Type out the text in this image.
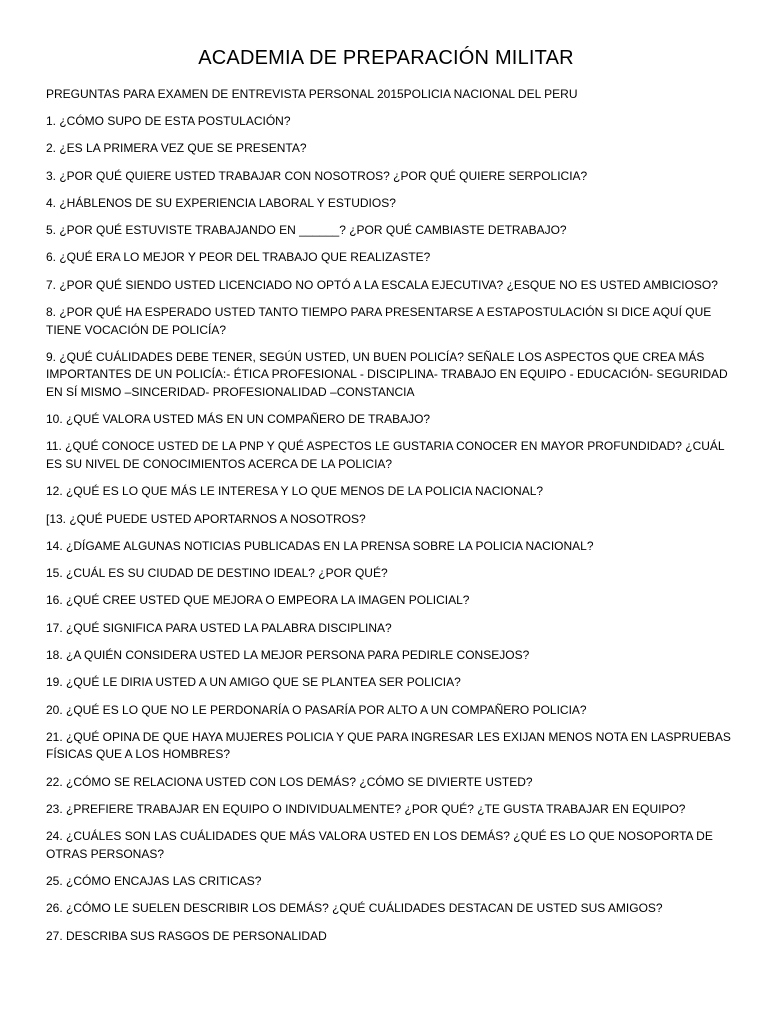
ACADEMIA DE PREPARACIÓN MILITAR
PREGUNTAS PARA EXAMEN DE ENTREVISTA PERSONAL 2015POLICIA NACIONAL DEL PERU
1. ¿CÓMO SUPO DE ESTA POSTULACIÓN?
2. ¿ES LA PRIMERA VEZ QUE SE PRESENTA?
3. ¿POR QUÉ QUIERE USTED TRABAJAR CON NOSOTROS? ¿POR QUÉ QUIERE SERPOLICIA?
4. ¿HÁBLENOS DE SU EXPERIENCIA LABORAL Y ESTUDIOS?
5. ¿POR QUÉ ESTUVISTE TRABAJANDO EN ______? ¿POR QUÉ CAMBIASTE DETRABAJO?
6. ¿QUÉ ERA LO MEJOR Y PEOR DEL TRABAJO QUE REALIZASTE?
7. ¿POR QUÉ SIENDO USTED LICENCIADO NO OPTÓ A LA ESCALA EJECUTIVA? ¿ESQUE NO ES USTED AMBICIOSO?
8. ¿POR QUÉ HA ESPERADO USTED TANTO TIEMPO PARA PRESENTARSE A ESTAPOSTULACIÓN SI DICE AQUÍ QUE TIENE VOCACIÓN DE POLICÍA?
9. ¿QUÉ CUÁLIDADES DEBE TENER, SEGÚN USTED, UN BUEN POLICÍA? SEÑALE LOS ASPECTOS QUE CREA MÁS IMPORTANTES DE UN POLICÍA:- ÉTICA PROFESIONAL - DISCIPLINA- TRABAJO EN EQUIPO - EDUCACIÓN- SEGURIDAD EN SÍ MISMO –SINCERIDAD- PROFESIONALIDAD –CONSTANCIA
10. ¿QUÉ VALORA USTED MÁS EN UN COMPAÑERO DE TRABAJO?
11. ¿QUÉ CONOCE USTED DE LA PNP Y QUÉ ASPECTOS LE GUSTARIA CONOCER EN MAYOR PROFUNDIDAD? ¿CUÁL ES SU NIVEL DE CONOCIMIENTOS ACERCA DE LA POLICIA?
12. ¿QUÉ ES LO QUE MÁS LE INTERESA Y LO QUE MENOS DE LA POLICIA NACIONAL?
[13. ¿QUÉ PUEDE USTED APORTARNOS A NOSOTROS?
14. ¿DÍGAME ALGUNAS NOTICIAS PUBLICADAS EN LA PRENSA SOBRE LA POLICIA NACIONAL?
15. ¿CUÁL ES SU CIUDAD DE DESTINO IDEAL? ¿POR QUÉ?
16. ¿QUÉ CREE USTED QUE MEJORA O EMPEORA LA IMAGEN POLICIAL?
17. ¿QUÉ SIGNIFICA PARA USTED LA PALABRA DISCIPLINA?
18. ¿A QUIÉN CONSIDERA USTED LA MEJOR PERSONA PARA PEDIRLE CONSEJOS?
19. ¿QUÉ LE DIRIA USTED A UN AMIGO QUE SE PLANTEA SER POLICIA?
20. ¿QUÉ ES LO QUE NO LE PERDONARÍA O PASARÍA POR ALTO A UN COMPAÑERO POLICIA?
21. ¿QUÉ OPINA DE QUE HAYA MUJERES POLICIA Y QUE PARA INGRESAR LES EXIJAN MENOS NOTA EN LASPRUEBAS FÍSICAS QUE A LOS HOMBRES?
22. ¿CÓMO SE RELACIONA USTED CON LOS DEMÁS? ¿CÓMO SE DIVIERTE USTED?
23. ¿PREFIERE TRABAJAR EN EQUIPO O INDIVIDUALMENTE? ¿POR QUÉ? ¿TE GUSTA TRABAJAR EN EQUIPO?
24. ¿CUÁLES SON LAS CUÁLIDADES QUE MÁS VALORA USTED EN LOS DEMÁS? ¿QUÉ ES LO QUE NOSOPORTA DE OTRAS PERSONAS?
25. ¿CÓMO ENCAJAS LAS CRITICAS?
26. ¿CÓMO LE SUELEN DESCRIBIR LOS DEMÁS? ¿QUÉ CUÁLIDADES DESTACAN DE USTED SUS AMIGOS?
27. DESCRIBA SUS RASGOS DE PERSONALIDAD
